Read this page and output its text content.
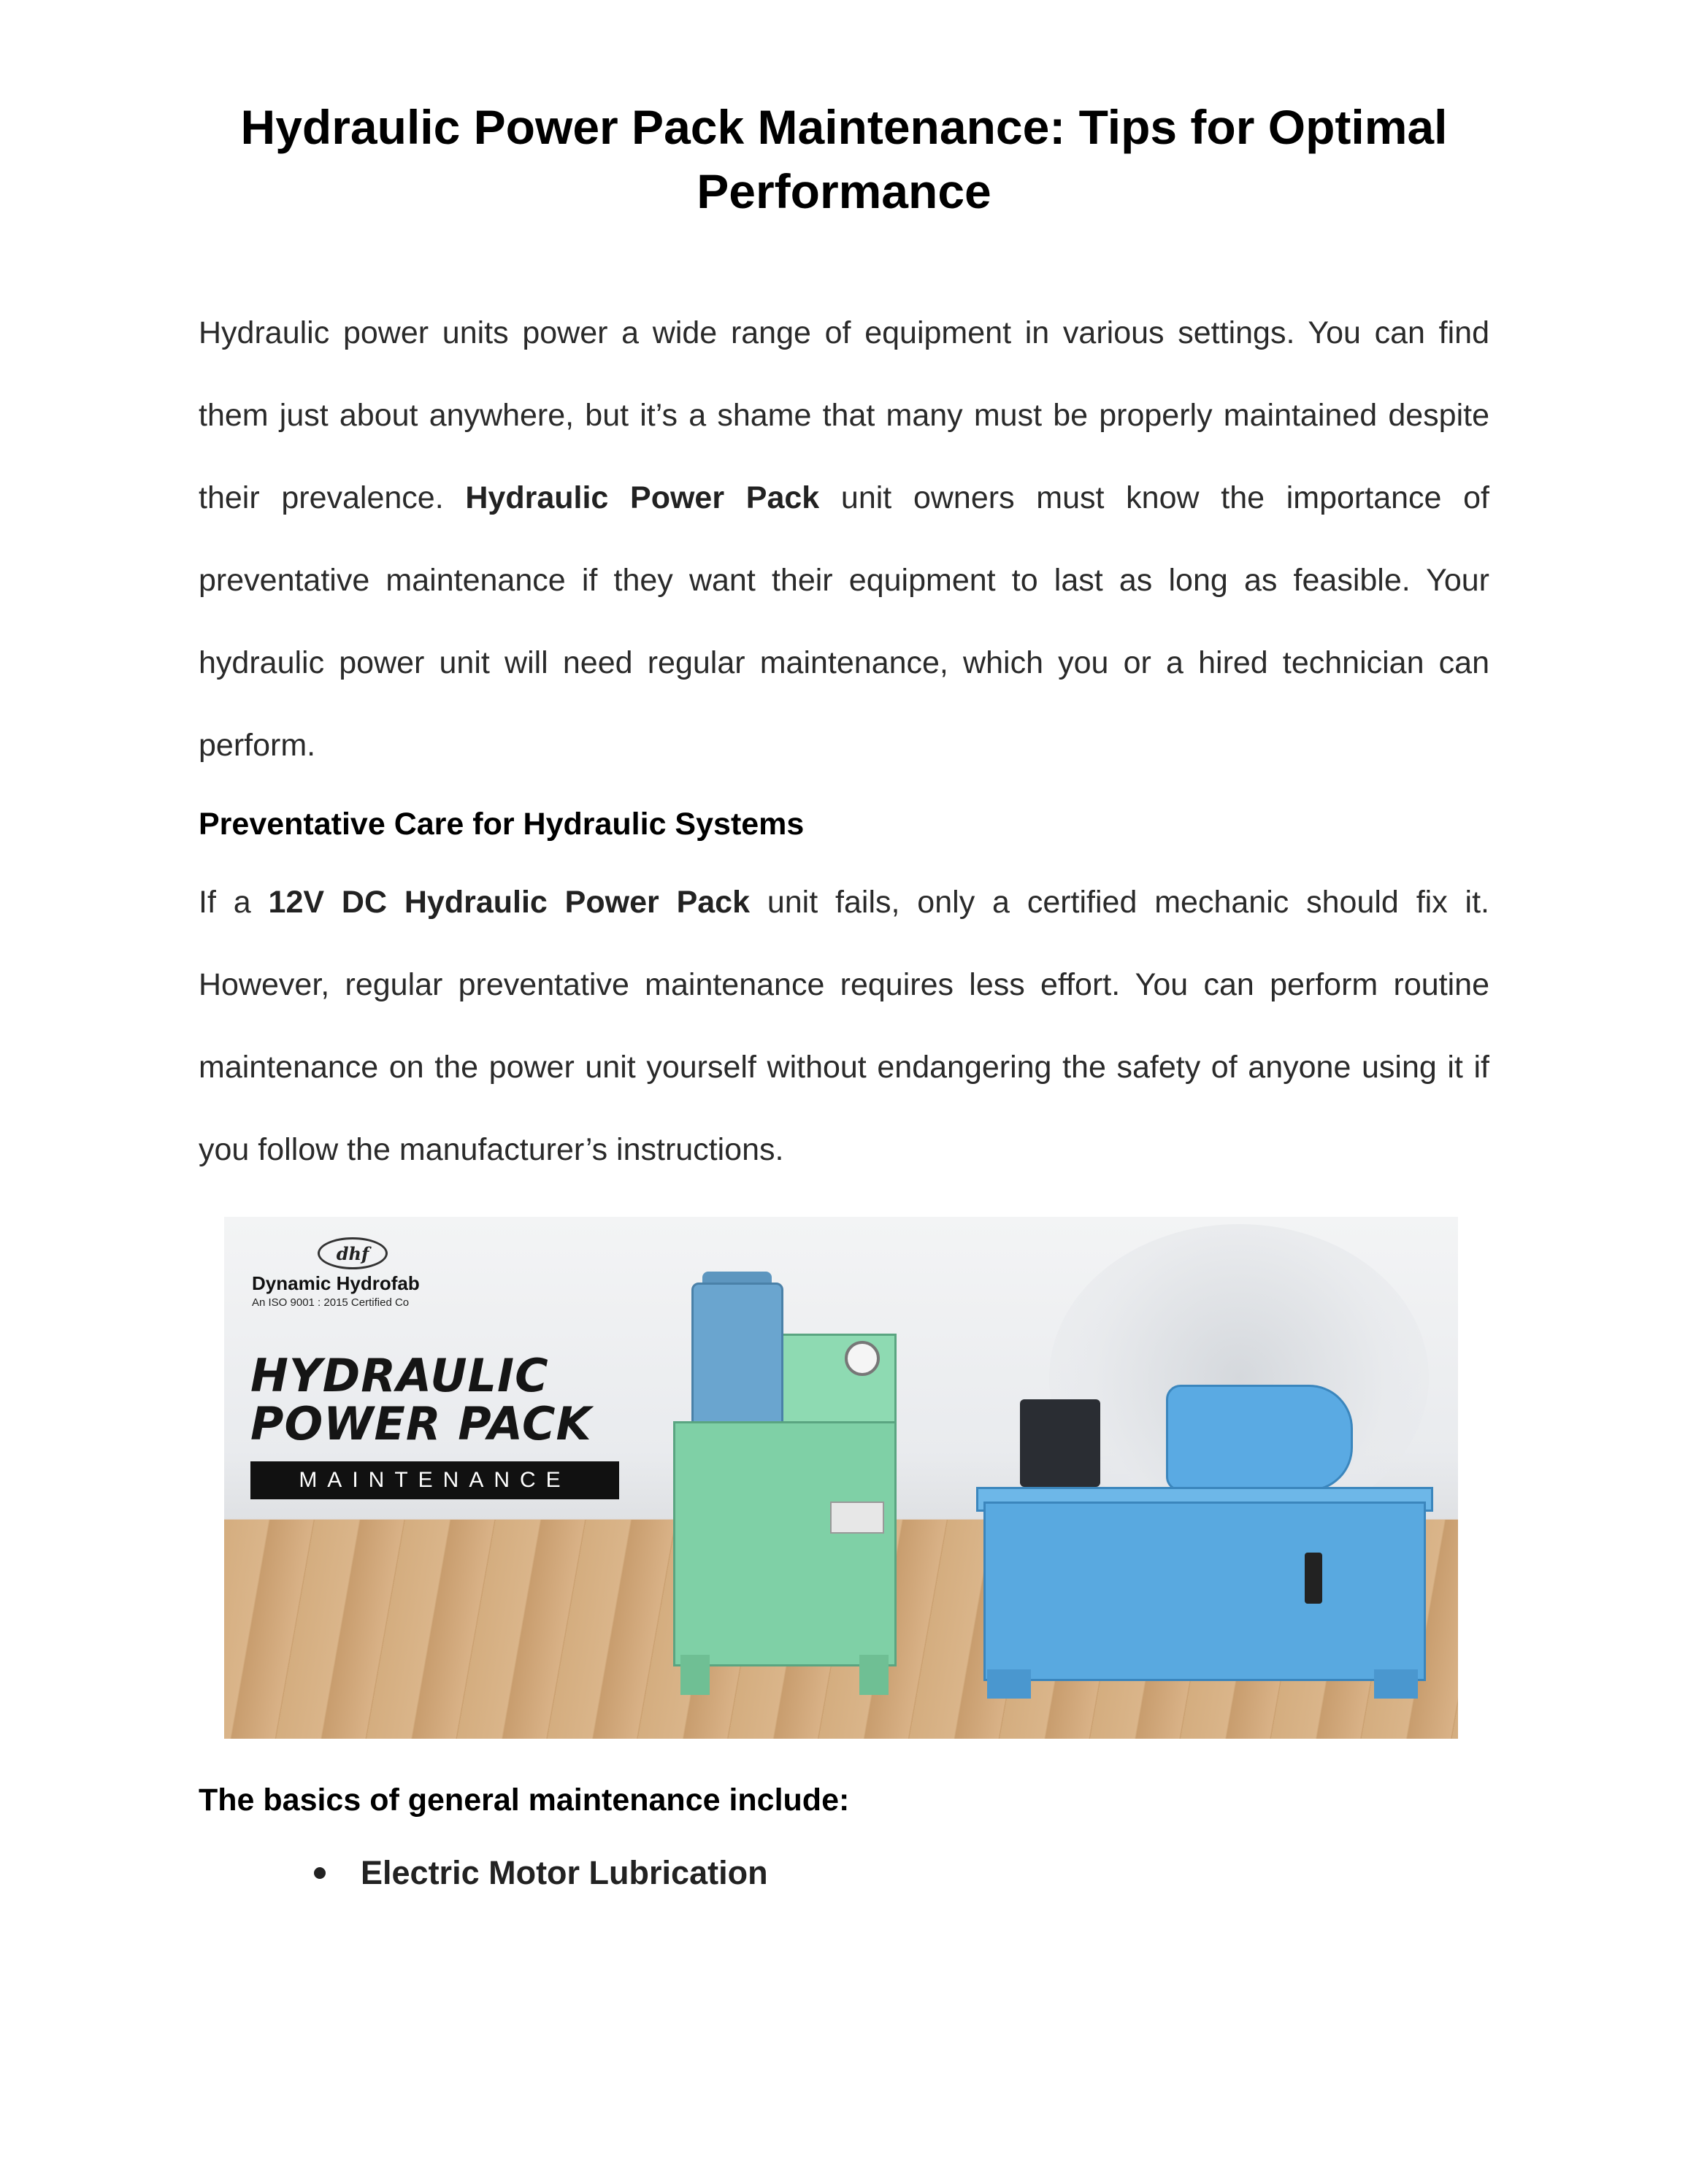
Hydraulic Power Pack Maintenance: Tips for Optimal Performance

Hydraulic power units power a wide range of equipment in various settings. You can find them just about anywhere, but it’s a shame that many must be properly maintained despite their prevalence. Hydraulic Power Pack unit owners must know the importance of preventative maintenance if they want their equipment to last as long as feasible. Your hydraulic power unit will need regular maintenance, which you or a hired technician can perform.

Preventative Care for Hydraulic Systems

If a 12V DC Hydraulic Power Pack unit fails, only a certified mechanic should fix it. However, regular preventative maintenance requires less effort. You can perform routine maintenance on the power unit yourself without endangering the safety of anyone using it if you follow the manufacturer’s instructions.

dhf
Dynamic Hydrofab
An ISO 9001 : 2015 Certified Co
HYDRAULIC
POWER PACK
MAINTENANCE
The basics of general maintenance include:
Electric Motor Lubrication
